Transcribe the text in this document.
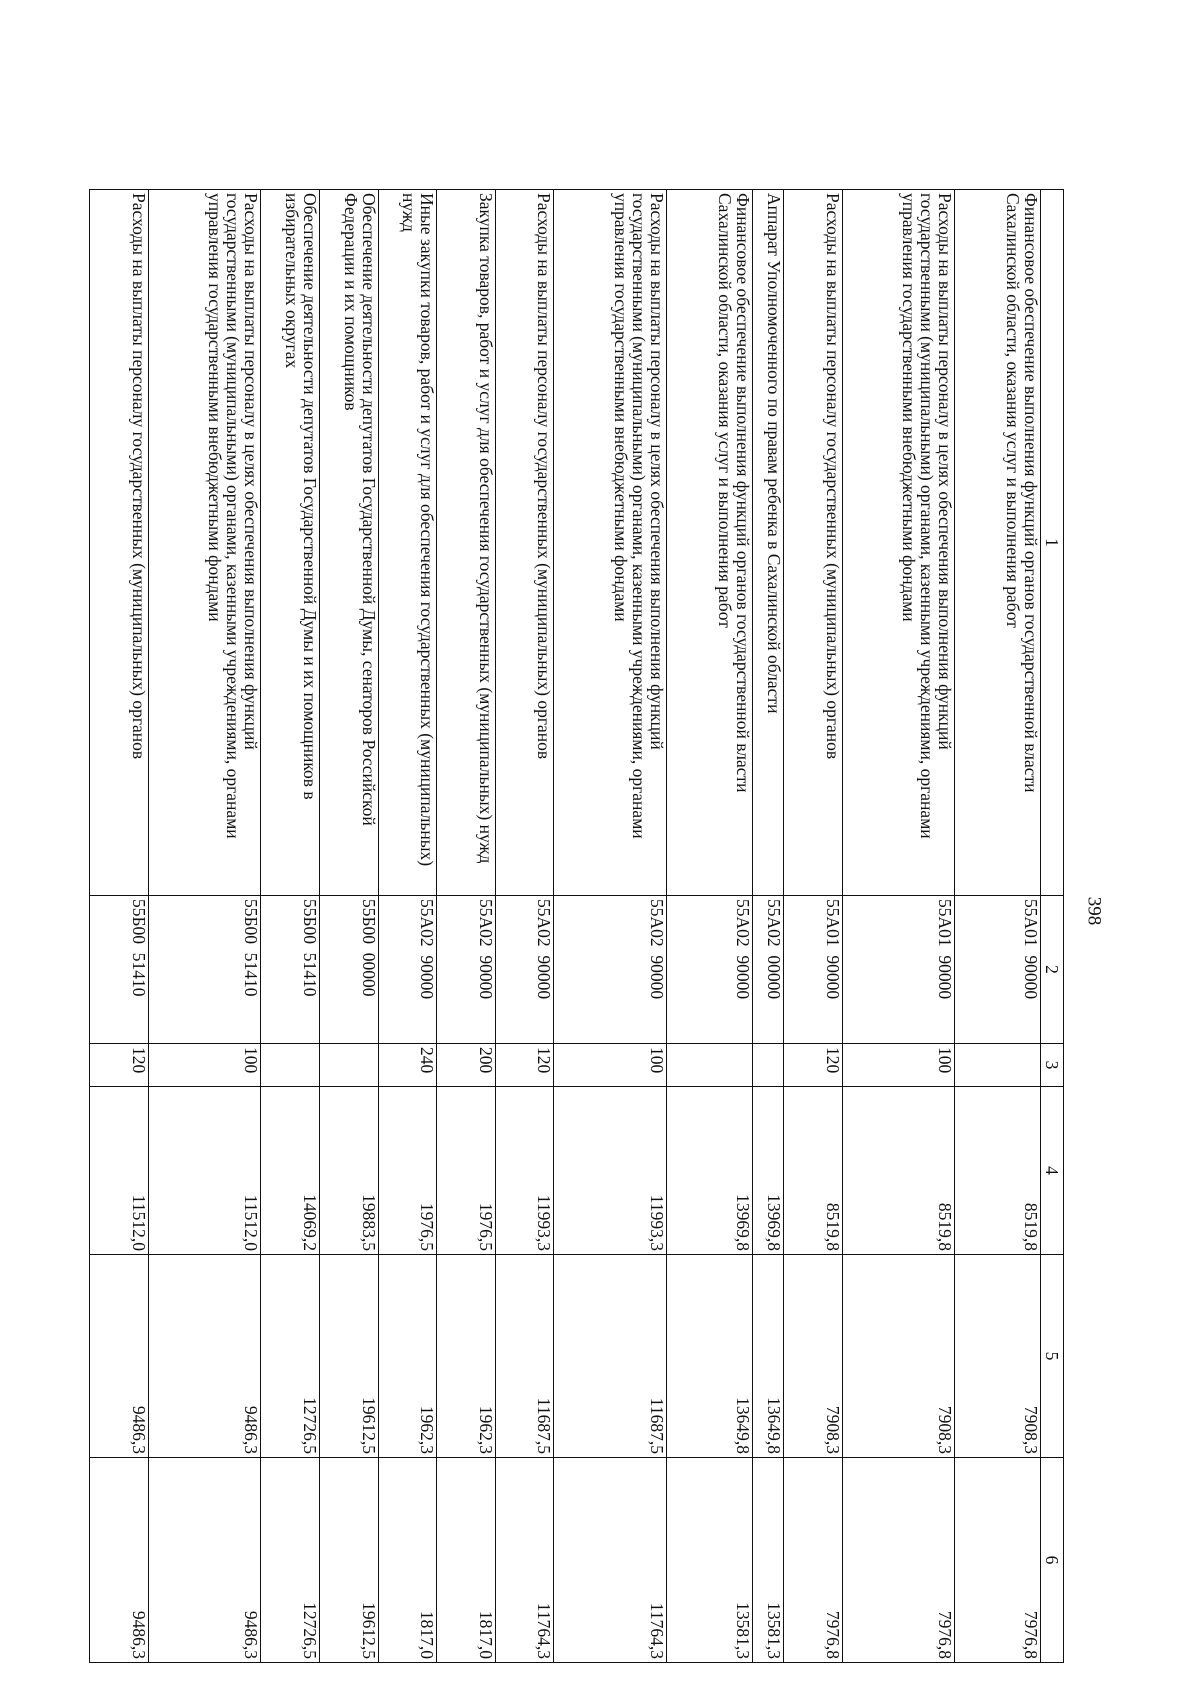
398
1	2	3	4	5	6
Финансовое обеспечение выполнения функций органов государственной власти Сахалинской области, оказания услуг и выполнения работ	55А01  90000		8519,8	7908,3	7976,8
Расходы на выплаты персоналу в целях обеспечения выполнения функций государственными (муниципальными) органами, казенными учреждениями, органами управления государственными внебюджетными фондами	55А01  90000	100	8519,8	7908,3	7976,8
Расходы на выплаты персоналу государственных (муниципальных) органов	55А01  90000	120	8519,8	7908,3	7976,8
Аппарат Уполномоченного по правам ребенка в Сахалинской области	55А02  00000		13969,8	13649,8	13581,3
Финансовое обеспечение выполнения функций органов государственной власти Сахалинской области, оказания услуг и выполнения работ	55А02  90000		13969,8	13649,8	13581,3
Расходы на выплаты персоналу в целях обеспечения выполнения функций государственными (муниципальными) органами, казенными учреждениями, органами управления государственными внебюджетными фондами	55А02  90000	100	11993,3	11687,5	11764,3
Расходы на выплаты персоналу государственных (муниципальных) органов	55А02  90000	120	11993,3	11687,5	11764,3
Закупка товаров, работ и услуг для обеспечения государственных (муниципальных) нужд	55А02  90000	200	1976,5	1962,3	1817,0
Иные закупки товаров, работ и услуг для обеспечения государственных (муниципальных) нужд	55А02  90000	240	1976,5	1962,3	1817,0
Обеспечение деятельности депутатов Государственной Думы, сенаторов Российской Федерации и их помощников	55Б00  00000		19883,5	19612,5	19612,5
Обеспечение деятельности депутатов Государственной Думы и их помощников в избирательных округах	55Б00  51410		14069,2	12726,5	12726,5
Расходы на выплаты персоналу в целях обеспечения выполнения функций государственными (муниципальными) органами, казенными учреждениями, органами управления государственными внебюджетными фондами	55Б00  51410	100	11512,0	9486,3	9486,3
Расходы на выплаты персоналу государственных (муниципальных) органов	55Б00  51410	120	11512,0	9486,3	9486,3
